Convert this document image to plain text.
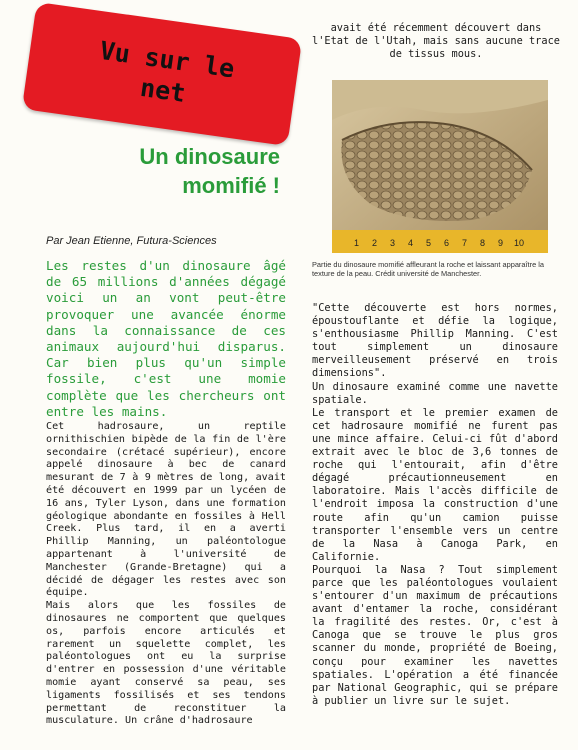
Vu sur le net
Un dinosaure momifié !
Par Jean Etienne, Futura-Sciences
Les restes d'un dinosaure âgé de 65 millions d'années dégagé voici un an vont peut-être provoquer une avancée énorme dans la connaissance de ces animaux aujourd'hui disparus. Car bien plus qu'un simple fossile, c'est une momie complète que les chercheurs ont entre les mains.

Cet hadrosaure, un reptile ornithischien bipède de la fin de l'ère secondaire (crétacé supérieur), encore appelé dinosaure à bec de canard mesurant de 7 à 9 mètres de long, avait été découvert en 1999 par un lycéen de 16 ans, Tyler Lyson, dans une formation géologique abondante en fossiles à Hell Creek. Plus tard, il en a averti Phillip Manning, un paléontologue appartenant à l'université de Manchester (Grande-Bretagne) qui a décidé de dégager les restes avec son équipe.

Mais alors que les fossiles de dinosaures ne comportent que quelques os, parfois encore articulés et rarement un squelette complet, les paléontologues ont eu la surprise d'entrer en possession d'une véritable momie ayant conservé sa peau, ses ligaments fossilisés et ses tendons permettant de reconstituer la musculature. Un crâne d'hadrosaure

avait été récemment découvert dans l'Etat de l'Utah, mais sans aucune trace de tissus mous.
1 2 3 4 5 6 7 8 9 10
Partie du dinosaure momifié affleurant la roche et laissant apparaître la texture de la peau. Crédit université de Manchester.

"Cette découverte est hors normes, époustouflante et défie la logique, s'enthousiasme Phillip Manning. C'est tout simplement un dinosaure merveilleusement préservé en trois dimensions".

Un dinosaure examiné comme une navette spatiale.

Le transport et le premier examen de cet hadrosaure momifié ne furent pas une mince affaire. Celui-ci fût d'abord extrait avec le bloc de 3,6 tonnes de roche qui l'entourait, afin d'être dégagé précautionneusement en laboratoire. Mais l'accès difficile de l'endroit imposa la construction d'une route afin qu'un camion puisse transporter l'ensemble vers un centre de la Nasa à Canoga Park, en Californie.

Pourquoi la Nasa ? Tout simplement parce que les paléontologues voulaient s'entourer d'un maximum de précautions avant d'entamer la roche, considérant la fragilité des restes. Or, c'est à Canoga que se trouve le plus gros scanner du monde, propriété de Boeing, conçu pour examiner les navettes spatiales. L'opération a été financée par National Geographic, qui se prépare à publier un livre sur le sujet.
